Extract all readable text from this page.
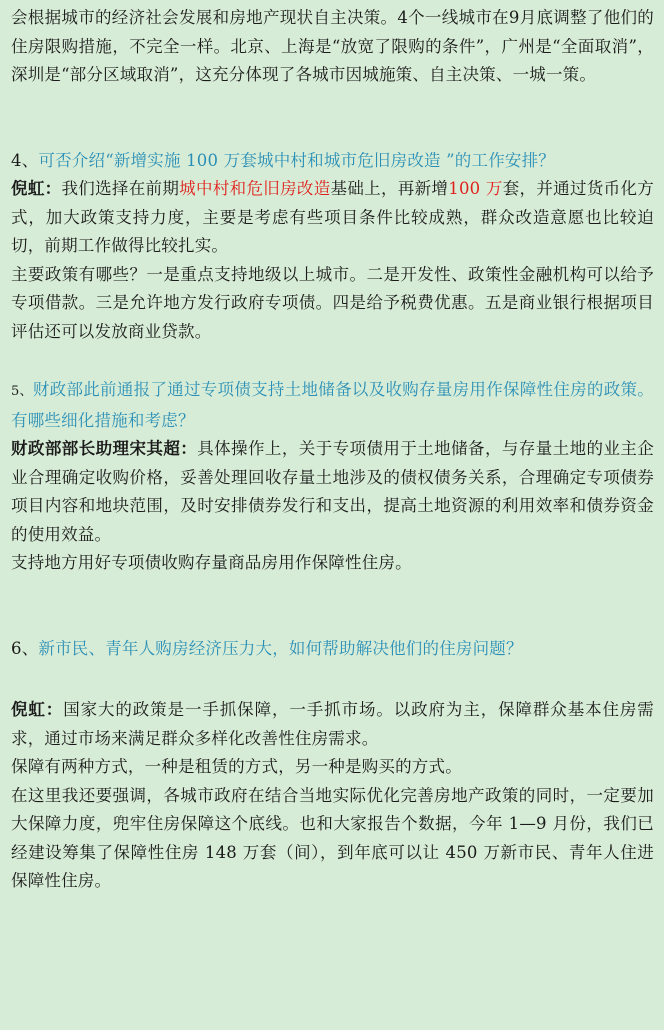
会根据城市的经济社会发展和房地产现状自主决策。4个一线城市在9月底调整了他们的住房限购措施，不完全一样。北京、上海是“放宽了限购的条件”，广州是“全面取消”，深圳是“部分区域取消”，这充分体现了各城市因城施策、自主决策、一城一策。

4、可否介绍“新增实施 100 万套城中村和城市危旧房改造 ”的工作安排？

倪虹：我们选择在前期城中村和危旧房改造基础上，再新增100 万套，并通过货币化方式，加大政策支持力度，主要是考虑有些项目条件比较成熟，群众改造意愿也比较迫切，前期工作做得比较扎实。

主要政策有哪些？一是重点支持地级以上城市。二是开发性、政策性金融机构可以给予专项借款。三是允许地方发行政府专项债。四是给予税费优惠。五是商业银行根据项目评估还可以发放商业贷款。

5、财政部此前通报了通过专项债支持土地储备以及收购存量房用作保障性住房的政策。有哪些细化措施和考虑？

财政部部长助理宋其超：具体操作上，关于专项债用于土地储备，与存量土地的业主企业合理确定收购价格，妥善处理回收存量土地涉及的债权债务关系，合理确定专项债券项目内容和地块范围，及时安排债券发行和支出，提高土地资源的利用效率和债券资金的使用效益。

支持地方用好专项债收购存量商品房用作保障性住房。

6、新市民、青年人购房经济压力大，如何帮助解决他们的住房问题？

倪虹：国家大的政策是一手抓保障，一手抓市场。以政府为主，保障群众基本住房需求，通过市场来满足群众多样化改善性住房需求。

保障有两种方式，一种是租赁的方式，另一种是购买的方式。

在这里我还要强调，各城市政府在结合当地实际优化完善房地产政策的同时，一定要加大保障力度，兜牢住房保障这个底线。也和大家报告个数据，今年 1—9 月份，我们已经建设筹集了保障性住房 148 万套（间），到年底可以让 450 万新市民、青年人住进保障性住房。
